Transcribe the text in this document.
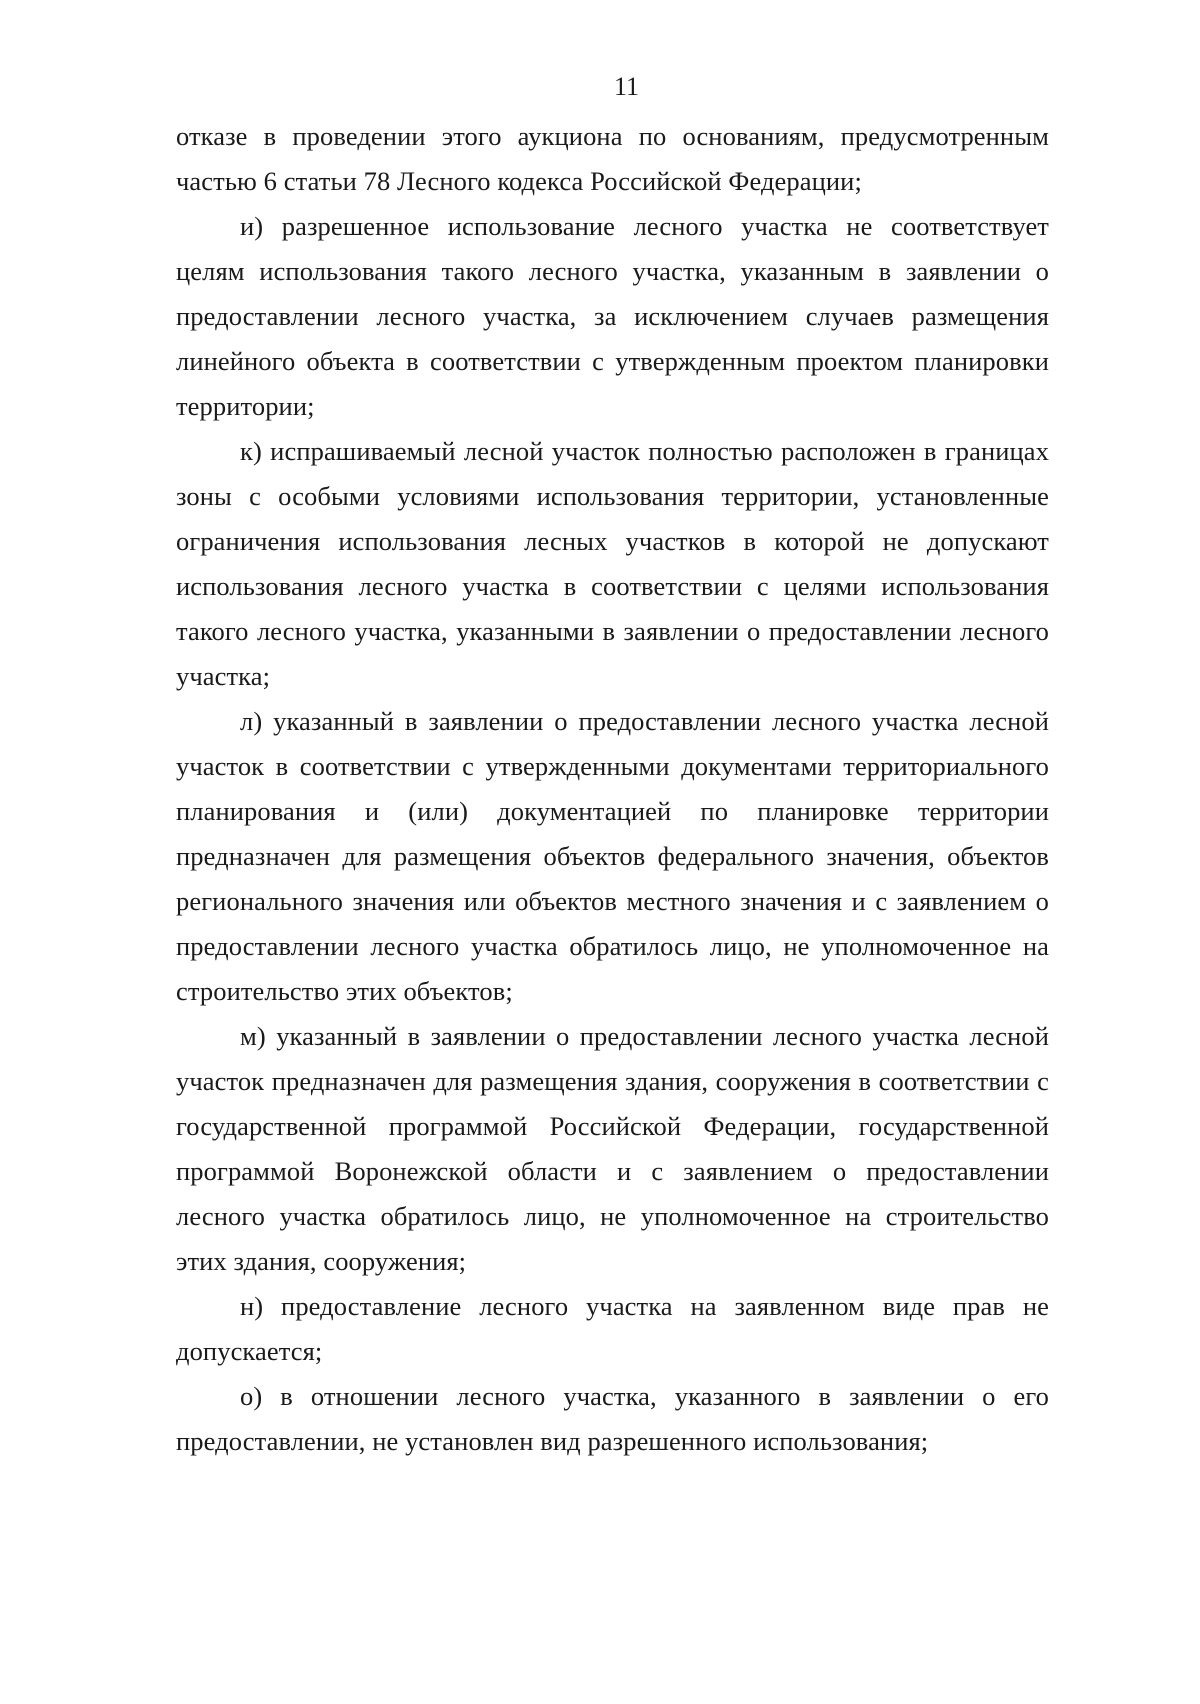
11

отказе в проведении этого аукциона по основаниям, предусмотренным частью 6 статьи 78 Лесного кодекса Российской Федерации;

и) разрешенное использование лесного участка не соответствует целям использования такого лесного участка, указанным в заявлении о предоставлении лесного участка, за исключением случаев размещения линейного объекта в соответствии с утвержденным проектом планировки территории;

к) испрашиваемый лесной участок полностью расположен в границах зоны с особыми условиями использования территории, установленные ограничения использования лесных участков в которой не допускают использования лесного участка в соответствии с целями использования такого лесного участка, указанными в заявлении о предоставлении лесного участка;

л) указанный в заявлении о предоставлении лесного участка лесной участок в соответствии с утвержденными документами территориального планирования и (или) документацией по планировке территории предназначен для размещения объектов федерального значения, объектов регионального значения или объектов местного значения и с заявлением о предоставлении лесного участка обратилось лицо, не уполномоченное на строительство этих объектов;

м) указанный в заявлении о предоставлении лесного участка лесной участок предназначен для размещения здания, сооружения в соответствии с государственной программой Российской Федерации, государственной программой Воронежской области и с заявлением о предоставлении лесного участка обратилось лицо, не уполномоченное на строительство этих здания, сооружения;

н) предоставление лесного участка на заявленном виде прав не допускается;

о) в отношении лесного участка, указанного в заявлении о его предоставлении, не установлен вид разрешенного использования;
